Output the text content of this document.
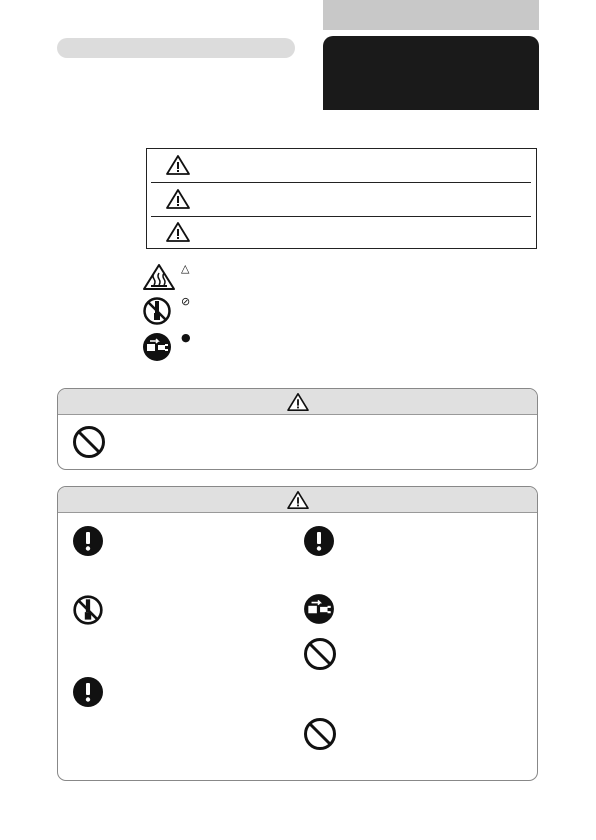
△
⊘
●
